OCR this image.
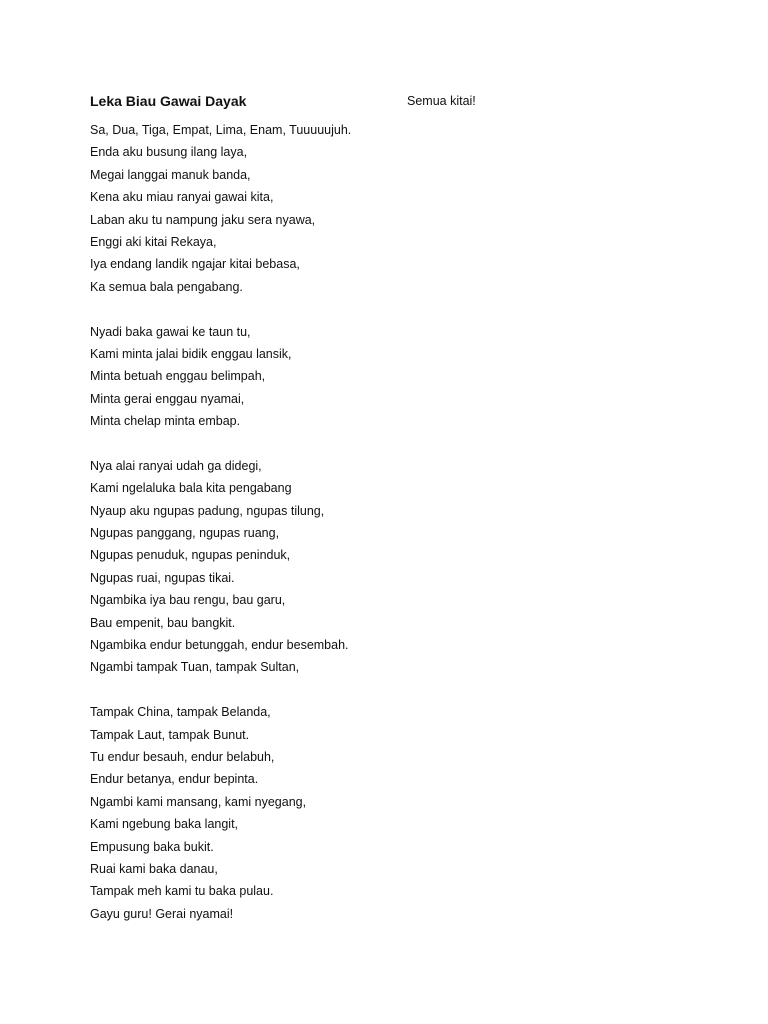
Leka Biau Gawai Dayak	Semua kitai!
Sa, Dua, Tiga, Empat, Lima, Enam, Tuuuuujuh.
Enda aku busung ilang laya,
Megai langgai manuk banda,
Kena aku miau ranyai gawai kita,
Laban aku tu nampung jaku sera nyawa,
Enggi aki kitai Rekaya,
Iya endang landik ngajar kitai bebasa,
Ka semua bala pengabang.
Nyadi baka gawai ke taun tu,
Kami minta jalai bidik enggau lansik,
Minta betuah enggau belimpah,
Minta gerai enggau nyamai,
Minta chelap minta embap.
Nya alai ranyai udah ga didegi,
Kami ngelaluka bala kita pengabang
Nyaup aku ngupas padung, ngupas tilung,
Ngupas panggang, ngupas ruang,
Ngupas penuduk, ngupas peninduk,
Ngupas ruai, ngupas tikai.
Ngambika iya bau rengu, bau garu,
Bau empenit, bau bangkit.
Ngambika endur betunggah, endur besembah.
Ngambi tampak Tuan, tampak Sultan,
Tampak China, tampak Belanda,
Tampak Laut, tampak Bunut.
Tu endur besauh, endur belabuh,
Endur betanya, endur bepinta.
Ngambi kami mansang, kami nyegang,
Kami ngebung baka langit,
Empusung baka bukit.
Ruai kami baka danau,
Tampak meh kami tu baka pulau.
Gayu guru! Gerai nyamai!
